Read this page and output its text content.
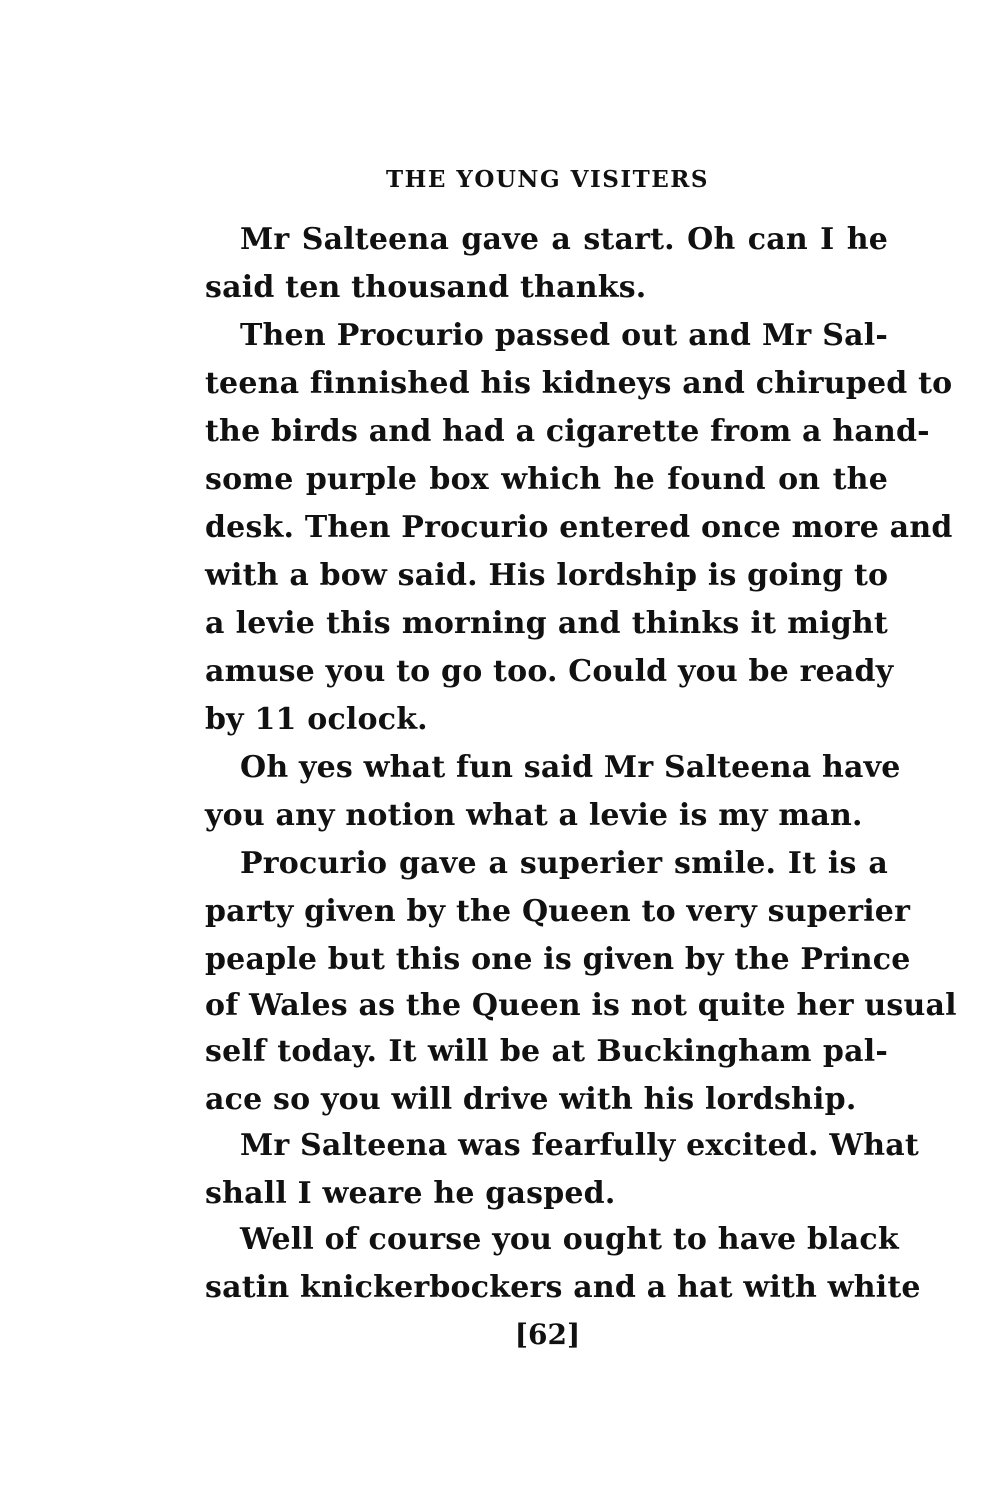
THE YOUNG VISITERS
Mr Salteena gave a start. Oh can I he
said ten thousand thanks.
Then Procurio passed out and Mr Sal-
teena finnished his kidneys and chiruped to
the birds and had a cigarette from a hand-
some purple box which he found on the
desk. Then Procurio entered once more and
with a bow said. His lordship is going to
a levie this morning and thinks it might
amuse you to go too. Could you be ready
by 11 oclock.
Oh yes what fun said Mr Salteena have
you any notion what a levie is my man.
Procurio gave a superier smile. It is a
party given by the Queen to very superier
peaple but this one is given by the Prince
of Wales as the Queen is not quite her usual
self today. It will be at Buckingham pal-
ace so you will drive with his lordship.
Mr Salteena was fearfully excited. What
shall I weare he gasped.
Well of course you ought to have black
satin knickerbockers and a hat with white
[62]
